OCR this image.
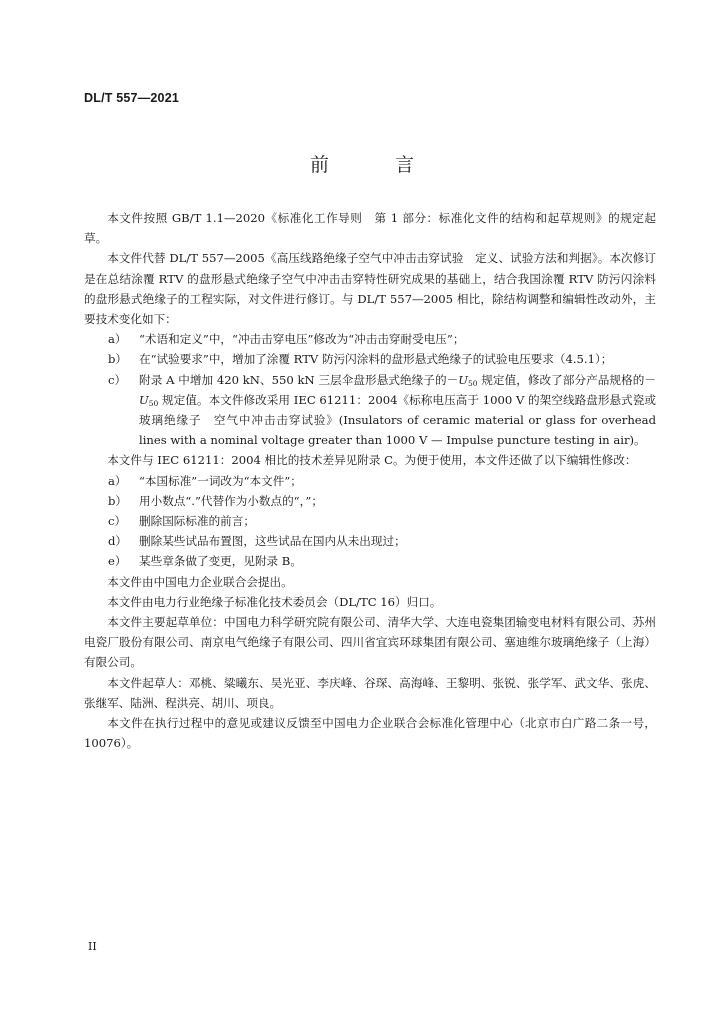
DL/T 557—2021
前 言

本文件按照 GB/T 1.1—2020《标准化工作导则　第 1 部分：标准化文件的结构和起草规则》的规定起草。

本文件代替 DL/T 557—2005《高压线路绝缘子空气中冲击击穿试验　定义、试验方法和判据》。本次修订是在总结涂覆 RTV 的盘形悬式绝缘子空气中冲击击穿特性研究成果的基础上，结合我国涂覆 RTV 防污闪涂料的盘形悬式绝缘子的工程实际，对文件进行修订。与 DL/T 557—2005 相比，除结构调整和编辑性改动外，主要技术变化如下：

a） “术语和定义”中，“冲击击穿电压”修改为“冲击击穿耐受电压”；
b） 在“试验要求”中，增加了涂覆 RTV 防污闪涂料的盘形悬式绝缘子的试验电压要求（4.5.1）；
c） 附录 A 中增加 420 kN、550 kN 三层伞盘形悬式绝缘子的$-U_{50}$ 规定值，修改了部分产品规格的$-U_{50}$ 规定值。本文件修改采用 IEC 61211：2004《标称电压高于 1000 V 的架空线路盘形悬式瓷或玻璃绝缘子　空气中冲击击穿试验》(Insulators of ceramic material or glass for overhead lines with a nominal voltage greater than 1000 V — Impulse puncture testing in air)。

本文件与 IEC 61211：2004 相比的技术差异见附录 C。为便于使用，本文件还做了以下编辑性修改：

a） “本国标准”一词改为“本文件”；
b） 用小数点“.”代替作为小数点的“，”；
c） 删除国际标准的前言；
d） 删除某些试品布置图，这些试品在国内从未出现过；
e） 某些章条做了变更，见附录 B。

本文件由中国电力企业联合会提出。

本文件由电力行业绝缘子标准化技术委员会（DL/TC 16）归口。

本文件主要起草单位：中国电力科学研究院有限公司、清华大学、大连电瓷集团输变电材料有限公司、苏州电瓷厂股份有限公司、南京电气绝缘子有限公司、四川省宜宾环球集团有限公司、塞迪维尔玻璃绝缘子（上海）有限公司。

本文件起草人：邓桃、粱曦东、吴光亚、李庆峰、谷琛、高海峰、王黎明、张锐、张学军、武文华、张虎、张继军、陆洲、程洪亮、胡川、项良。

本文件在执行过程中的意见或建议反馈至中国电力企业联合会标准化管理中心（北京市白广路二条一号，10076）。

II
